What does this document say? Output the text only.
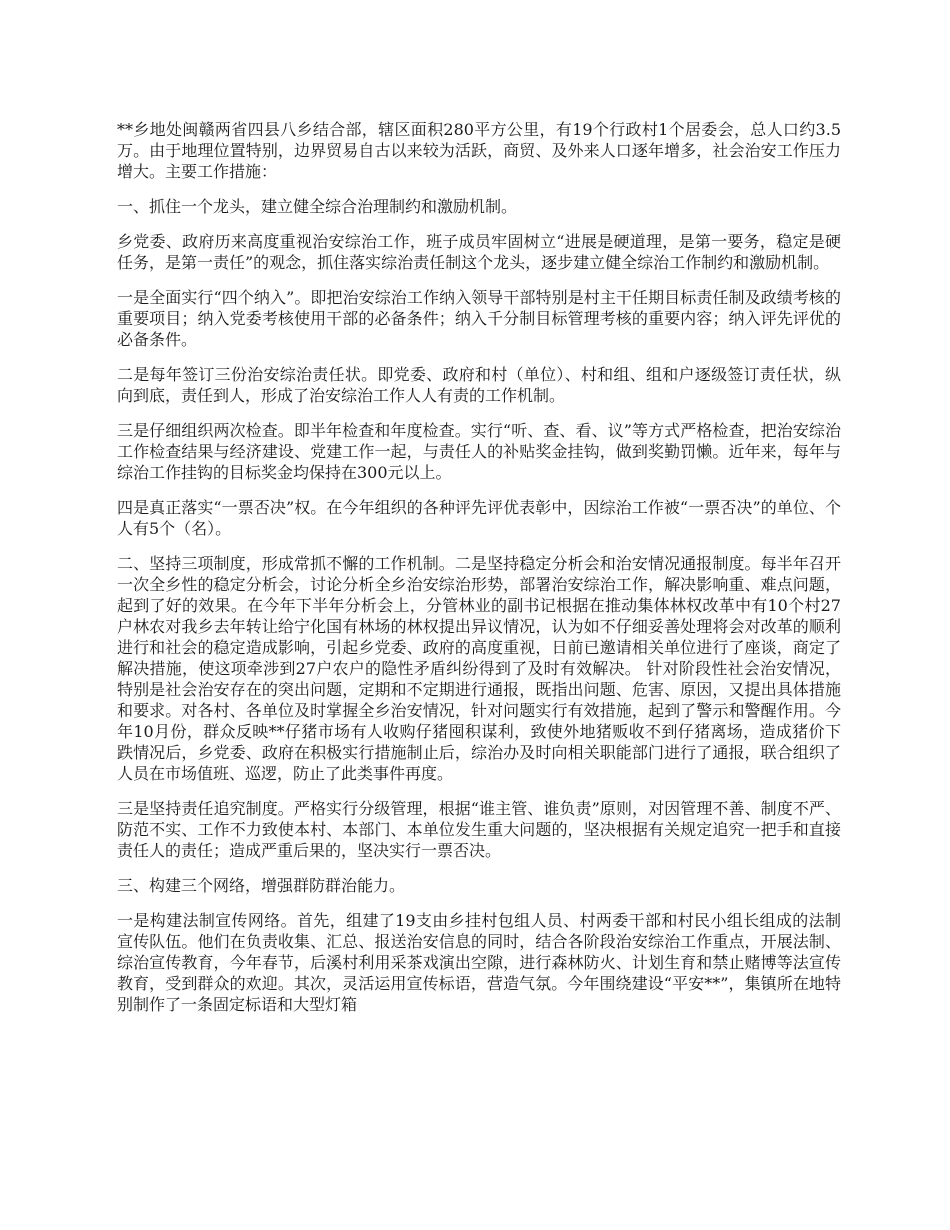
**乡地处闽赣两省四县八乡结合部，辖区面积280平方公里，有19个行政村1个居委会，总人口约3.5万。由于地理位置特别，边界贸易自古以来较为活跃，商贸、及外来人口逐年增多，社会治安工作压力增大。主要工作措施：

一、抓住一个龙头，建立健全综合治理制约和激励机制。

乡党委、政府历来高度重视治安综治工作，班子成员牢固树立“进展是硬道理，是第一要务，稳定是硬任务，是第一责任”的观念，抓住落实综治责任制这个龙头，逐步建立健全综治工作制约和激励机制。

一是全面实行“四个纳入”。即把治安综治工作纳入领导干部特别是村主干任期目标责任制及政绩考核的重要项目；纳入党委考核使用干部的必备条件；纳入千分制目标管理考核的重要内容；纳入评先评优的必备条件。

二是每年签订三份治安综治责任状。即党委、政府和村（单位）、村和组、组和户逐级签订责任状，纵向到底，责任到人，形成了治安综治工作人人有责的工作机制。

三是仔细组织两次检查。即半年检查和年度检查。实行“听、查、看、议”等方式严格检查，把治安综治工作检查结果与经济建设、党建工作一起，与责任人的补贴奖金挂钩，做到奖勤罚懒。近年来，每年与综治工作挂钩的目标奖金均保持在300元以上。

四是真正落实“一票否决”权。在今年组织的各种评先评优表彰中，因综治工作被“一票否决”的单位、个人有5个（名）。

二、坚持三项制度，形成常抓不懈的工作机制。二是坚持稳定分析会和治安情况通报制度。每半年召开一次全乡性的稳定分析会，讨论分析全乡治安综治形势，部署治安综治工作，解决影响重、难点问题，起到了好的效果。在今年下半年分析会上，分管林业的副书记根据在推动集体林权改革中有10个村27户林农对我乡去年转让给宁化国有林场的林权提出异议情况，认为如不仔细妥善处理将会对改革的顺利进行和社会的稳定造成影响，引起乡党委、政府的高度重视，日前已邀请相关单位进行了座谈，商定了解决措施，使这项牵涉到27户农户的隐性矛盾纠纷得到了及时有效解决。 针对阶段性社会治安情况，特别是社会治安存在的突出问题，定期和不定期进行通报，既指出问题、危害、原因，又提出具体措施和要求。对各村、各单位及时掌握全乡治安情况，针对问题实行有效措施，起到了警示和警醒作用。今年10月份，群众反映**仔猪市场有人收购仔猪囤积谋利，致使外地猪贩收不到仔猪离场，造成猪价下跌情况后，乡党委、政府在积极实行措施制止后，综治办及时向相关职能部门进行了通报，联合组织了人员在市场值班、巡逻，防止了此类事件再度。

三是坚持责任追究制度。严格实行分级管理，根据“谁主管、谁负责”原则，对因管理不善、制度不严、防范不实、工作不力致使本村、本部门、本单位发生重大问题的，坚决根据有关规定追究一把手和直接责任人的责任；造成严重后果的，坚决实行一票否决。

三、构建三个网络，增强群防群治能力。

一是构建法制宣传网络。首先，组建了19支由乡挂村包组人员、村两委干部和村民小组长组成的法制宣传队伍。他们在负责收集、汇总、报送治安信息的同时，结合各阶段治安综治工作重点，开展法制、综治宣传教育，今年春节，后溪村利用采茶戏演出空隙，进行森林防火、计划生育和禁止赌博等法宣传教育，受到群众的欢迎。其次，灵活运用宣传标语，营造气氛。今年围绕建设“平安**”，集镇所在地特别制作了一条固定标语和大型灯箱
